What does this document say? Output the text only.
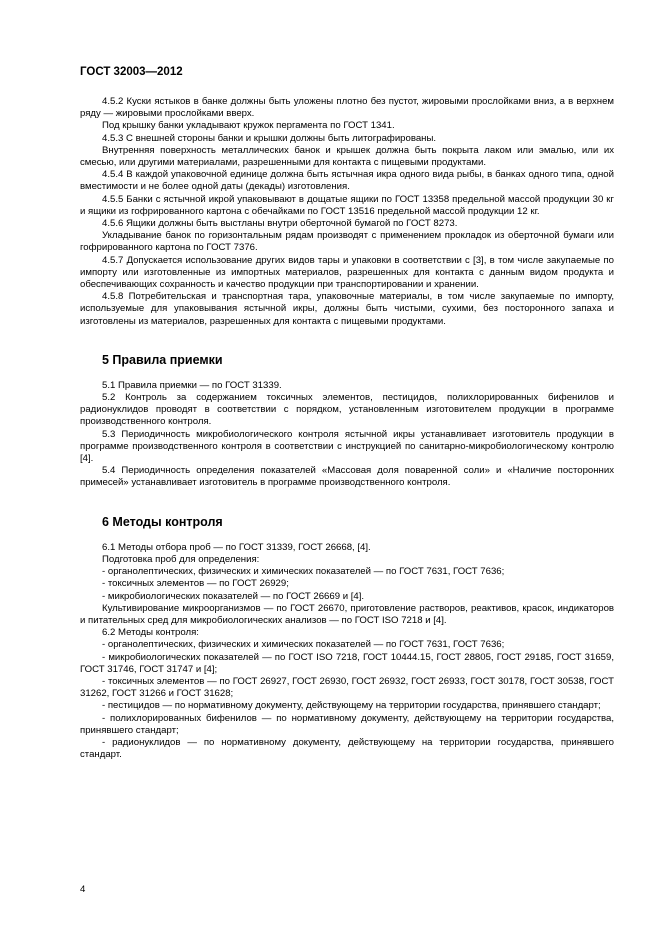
ГОСТ 32003—2012

4.5.2 Куски ястыков в банке должны быть уложены плотно без пустот, жировыми прослойками вниз, а в верхнем ряду — жировыми прослойками вверх.

Под крышку банки укладывают кружок пергамента по ГОСТ 1341.

4.5.3 С внешней стороны банки и крышки должны быть литографированы.

Внутренняя поверхность металлических банок и крышек должна быть покрыта лаком или эмалью, или их смесью, или другими материалами, разрешенными для контакта с пищевыми продуктами.

4.5.4 В каждой упаковочной единице должна быть ястычная икра одного вида рыбы, в банках одного типа, одной вместимости и не более одной даты (декады) изготовления.

4.5.5 Банки с ястычной икрой упаковывают в дощатые ящики по ГОСТ 13358 предельной массой продукции 30 кг и ящики из гофрированного картона с обечайками по ГОСТ 13516 предельной массой продукции 12 кг.

4.5.6 Ящики должны быть выстланы внутри оберточной бумагой по ГОСТ 8273.

Укладывание банок по горизонтальным рядам производят с применением прокладок из оберточной бумаги или гофрированного картона по ГОСТ 7376.

4.5.7 Допускается использование других видов тары и упаковки в соответствии с [3], в том числе закупаемые по импорту или изготовленные из импортных материалов, разрешенных для контакта с данным видом продукта и обеспечивающих сохранность и качество продукции при транспортировании и хранении.

4.5.8 Потребительская и транспортная тара, упаковочные материалы, в том числе закупаемые по импорту, используемые для упаковывания ястычной икры, должны быть чистыми, сухими, без посторонного запаха и изготовлены из материалов, разрешенных для контакта с пищевыми продуктами.

5 Правила приемки

5.1 Правила приемки — по ГОСТ 31339.

5.2 Контроль за содержанием токсичных элементов, пестицидов, полихлорированных бифенилов и радионуклидов проводят в соответствии с порядком, установленным изготовителем продукции в программе производственного контроля.

5.3 Периодичность микробиологического контроля ястычной икры устанавливает изготовитель продукции в программе производственного контроля в соответствии с инструкцией по санитарно-микробиологическому контролю [4].

5.4 Периодичность определения показателей «Массовая доля поваренной соли» и «Наличие посторонних примесей» устанавливает изготовитель в программе производственного контроля.

6 Методы контроля

6.1 Методы отбора проб — по ГОСТ 31339, ГОСТ 26668, [4].

Подготовка проб для определения:

- органолептических, физических и химических показателей — по ГОСТ 7631, ГОСТ 7636;

- токсичных элементов — по ГОСТ 26929;

- микробиологических показателей — по ГОСТ 26669 и [4].

Культивирование микроорганизмов — по ГОСТ 26670, приготовление растворов, реактивов, красок, индикаторов и питательных сред для микробиологических анализов — по ГОСТ ISO 7218 и [4].

6.2 Методы контроля:

- органолептических, физических и химических показателей — по ГОСТ 7631, ГОСТ 7636;

- микробиологических показателей — по ГОСТ ISO 7218, ГОСТ 10444.15, ГОСТ 28805, ГОСТ 29185, ГОСТ 31659, ГОСТ 31746, ГОСТ 31747 и [4];

- токсичных элементов — по ГОСТ 26927, ГОСТ 26930, ГОСТ 26932, ГОСТ 26933, ГОСТ 30178, ГОСТ 30538, ГОСТ 31262, ГОСТ 31266 и ГОСТ 31628;

- пестицидов — по нормативному документу, действующему на территории государства, принявшего стандарт;

- полихлорированных бифенилов — по нормативному документу, действующему на территории государства, принявшего стандарт;

- радионуклидов — по нормативному документу, действующему на территории государства, принявшего стандарт.

4
